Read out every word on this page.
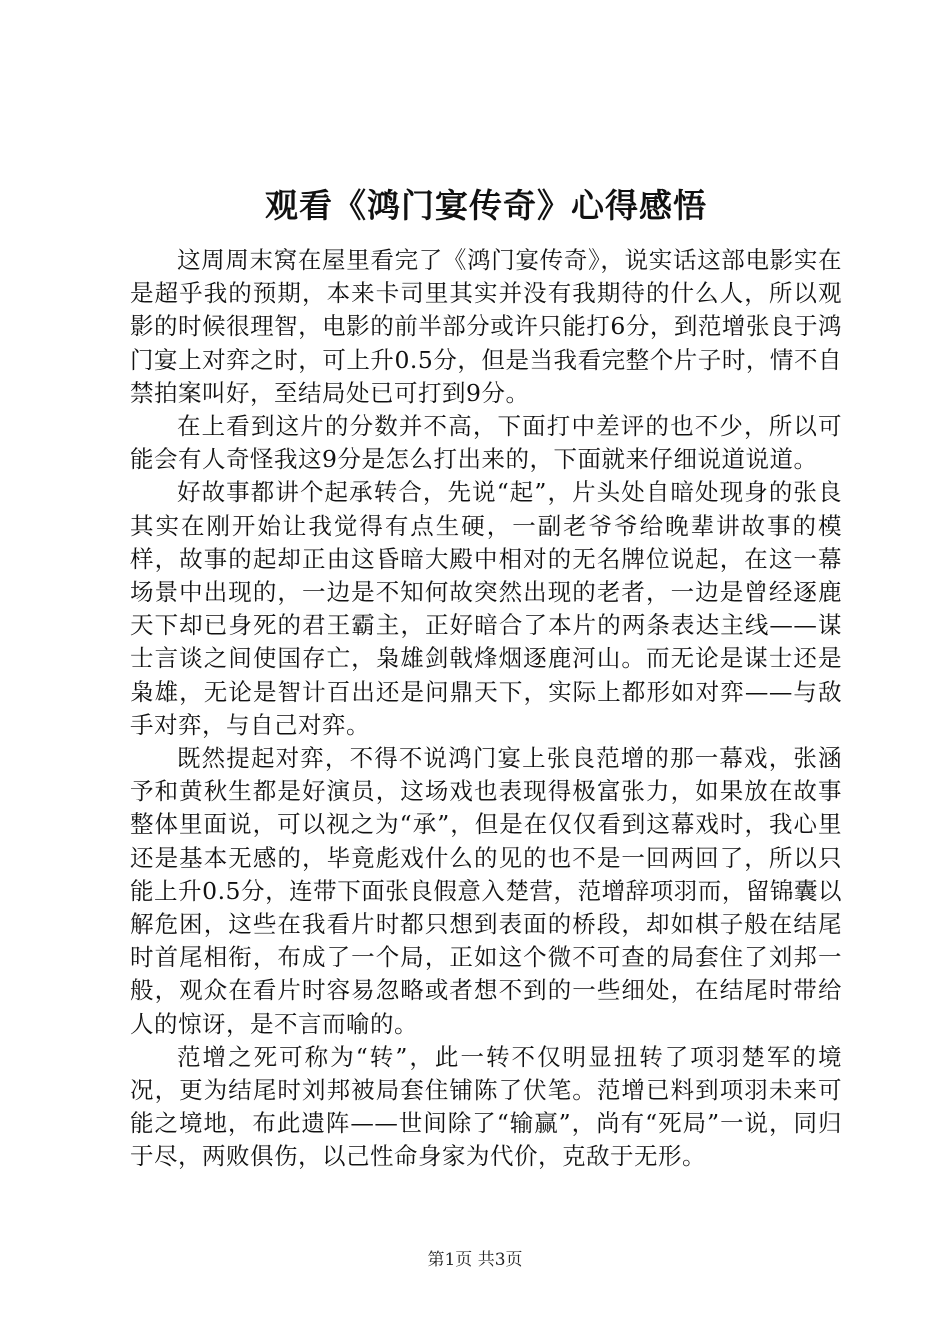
观看《鸿门宴传奇》心得感悟

这周周末窝在屋里看完了《鸿门宴传奇》，说实话这部电影实在是超乎我的预期，本来卡司里其实并没有我期待的什么人，所以观影的时候很理智，电影的前半部分或许只能打6分，到范增张良于鸿门宴上对弈之时，可上升0.5分，但是当我看完整个片子时，情不自禁拍案叫好，至结局处已可打到9分。

在上看到这片的分数并不高，下面打中差评的也不少，所以可能会有人奇怪我这9分是怎么打出来的，下面就来仔细说道说道。

好故事都讲个起承转合，先说“起”，片头处自暗处现身的张良其实在刚开始让我觉得有点生硬，一副老爷爷给晚辈讲故事的模样，故事的起却正由这昏暗大殿中相对的无名牌位说起，在这一幕场景中出现的，一边是不知何故突然出现的老者，一边是曾经逐鹿天下却已身死的君王霸主，正好暗合了本片的两条表达主线——谋士言谈之间使国存亡，枭雄剑戟烽烟逐鹿河山。而无论是谋士还是枭雄，无论是智计百出还是问鼎天下，实际上都形如对弈——与敌手对弈，与自己对弈。

既然提起对弈，不得不说鸿门宴上张良范增的那一幕戏，张涵予和黄秋生都是好演员，这场戏也表现得极富张力，如果放在故事整体里面说，可以视之为“承”，但是在仅仅看到这幕戏时，我心里还是基本无感的，毕竟彪戏什么的见的也不是一回两回了，所以只能上升0.5分，连带下面张良假意入楚营，范增辞项羽而，留锦囊以解危困，这些在我看片时都只想到表面的桥段，却如棋子般在结尾时首尾相衔，布成了一个局，正如这个微不可查的局套住了刘邦一般，观众在看片时容易忽略或者想不到的一些细处，在结尾时带给人的惊讶，是不言而喻的。

范增之死可称为“转”，此一转不仅明显扭转了项羽楚军的境况，更为结尾时刘邦被局套住铺陈了伏笔。范增已料到项羽未来可能之境地，布此遗阵——世间除了“输赢”，尚有“死局”一说，同归于尽，两败俱伤，以己性命身家为代价，克敌于无形。

第1页 共3页
